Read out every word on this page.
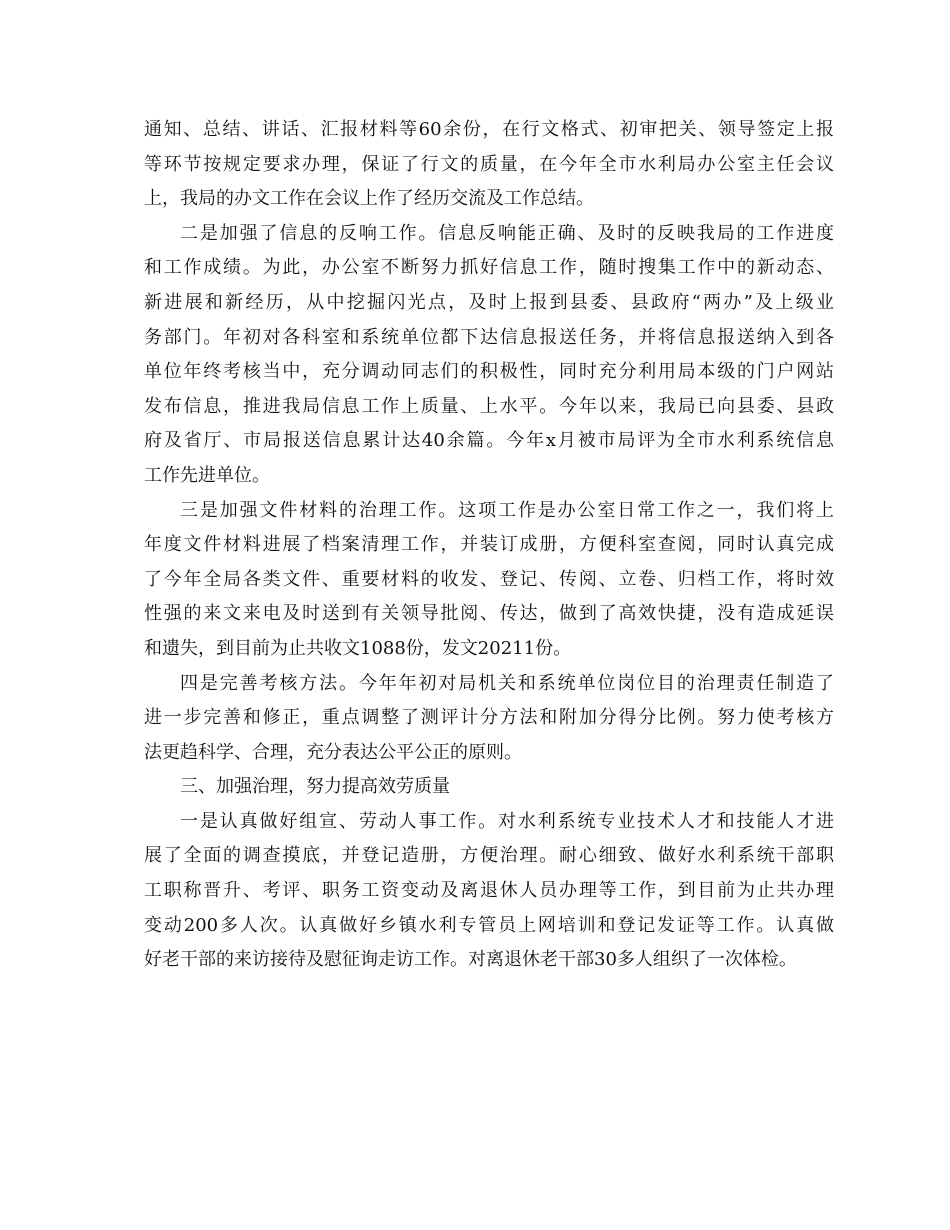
通知、总结、讲话、汇报材料等60余份，在行文格式、初审把关、领导签定上报
等环节按规定要求办理，保证了行文的质量，在今年全市水利局办公室主任会议
上，我局的办文工作在会议上作了经历交流及工作总结。
二是加强了信息的反响工作。信息反响能正确、及时的反映我局的工作进度
和工作成绩。为此，办公室不断努力抓好信息工作，随时搜集工作中的新动态、
新进展和新经历，从中挖掘闪光点，及时上报到县委、县政府“两办”及上级业
务部门。年初对各科室和系统单位都下达信息报送任务，并将信息报送纳入到各
单位年终考核当中，充分调动同志们的积极性，同时充分利用局本级的门户网站
发布信息，推进我局信息工作上质量、上水平。今年以来，我局已向县委、县政
府及省厅、市局报送信息累计达40余篇。今年x月被市局评为全市水利系统信息
工作先进单位。
三是加强文件材料的治理工作。这项工作是办公室日常工作之一，我们将上
年度文件材料进展了档案清理工作，并装订成册，方便科室查阅，同时认真完成
了今年全局各类文件、重要材料的收发、登记、传阅、立卷、归档工作，将时效
性强的来文来电及时送到有关领导批阅、传达，做到了高效快捷，没有造成延误
和遗失，到目前为止共收文1088份，发文20211份。
四是完善考核方法。今年年初对局机关和系统单位岗位目的治理责任制造了
进一步完善和修正，重点调整了测评计分方法和附加分得分比例。努力使考核方
法更趋科学、合理，充分表达公平公正的原则。
三、加强治理，努力提高效劳质量
一是认真做好组宣、劳动人事工作。对水利系统专业技术人才和技能人才进
展了全面的调查摸底，并登记造册，方便治理。耐心细致、做好水利系统干部职
工职称晋升、考评、职务工资变动及离退休人员办理等工作，到目前为止共办理
变动200多人次。认真做好乡镇水利专管员上网培训和登记发证等工作。认真做
好老干部的来访接待及慰征询走访工作。对离退休老干部30多人组织了一次体检。
